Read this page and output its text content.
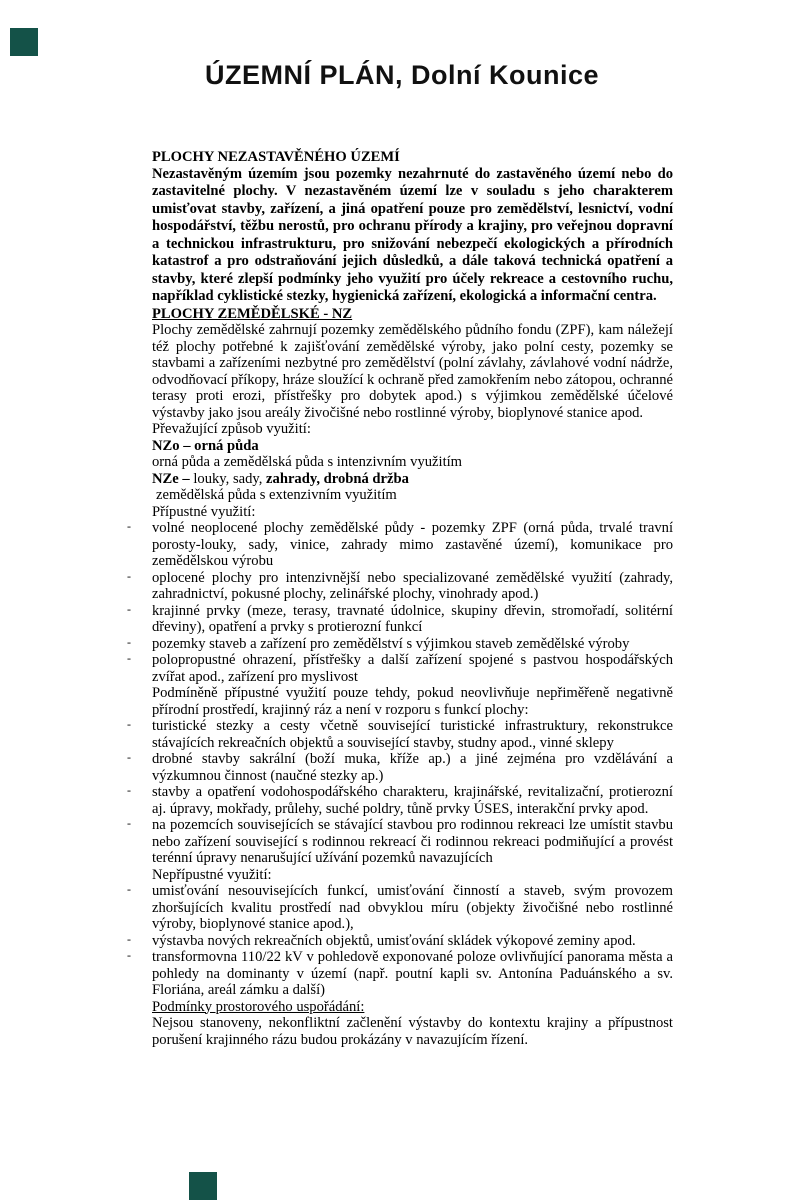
ÚZEMNÍ PLÁN, Dolní Kounice

PLOCHY NEZASTAVĚNÉHO ÚZEMÍ

Nezastavěným územím jsou pozemky nezahrnuté do zastavěného území nebo do zastavitelné plochy. V nezastavěném území lze v souladu s jeho charakterem umisťovat stavby, zařízení, a jiná opatření pouze pro zemědělství, lesnictví, vodní hospodářství, těžbu nerostů, pro ochranu přírody a krajiny, pro veřejnou dopravní a technickou infrastrukturu, pro snižování nebezpečí ekologických a přírodních katastrof a pro odstraňování jejich důsledků, a dále taková technická opatření a stavby, které zlepší podmínky jeho využití pro účely rekreace a cestovního ruchu, například cyklistické stezky, hygienická zařízení, ekologická a informační centra.

PLOCHY ZEMĚDĚLSKÉ - NZ

Plochy zemědělské zahrnují pozemky zemědělského půdního fondu (ZPF), kam náležejí též plochy potřebné k zajišťování zemědělské výroby, jako polní cesty, pozemky se stavbami a zařízeními nezbytné pro zemědělství (polní závlahy, závlahové vodní nádrže, odvodňovací příkopy, hráze sloužící k ochraně před zamokřením nebo zátopou, ochranné terasy proti erozi, přístřešky pro dobytek apod.) s výjimkou zemědělské účelové výstavby jako jsou areály živočišné nebo rostlinné výroby, bioplynové stanice apod.

Převažující způsob využití:

NZo – orná půda

orná půda a zemědělská půda s intenzivním využitím

NZe – louky, sady, zahrady, drobná držba

zemědělská půda s extenzivním využitím

Přípustné využití:

- volné neoplocené plochy zemědělské půdy - pozemky ZPF (orná půda, trvalé travní porosty-louky, sady, vinice, zahrady mimo zastavěné území), komunikace pro zemědělskou výrobu

- oplocené plochy pro intenzivnější nebo specializované zemědělské využití (zahrady, zahradnictví, pokusné plochy, zelinářské plochy, vinohrady apod.)

- krajinné prvky (meze, terasy, travnaté údolnice, skupiny dřevin, stromořadí, solitérní dřeviny), opatření a prvky s protierozní funkcí

- pozemky staveb a zařízení pro zemědělství s výjimkou staveb zemědělské výroby

- polopropustné ohrazení, přístřešky a další zařízení spojené s pastvou hospodářských zvířat apod., zařízení pro myslivost

Podmíněně přípustné využití pouze tehdy, pokud neovlivňuje nepřiměřeně negativně přírodní prostředí, krajinný ráz a není v rozporu s funkcí plochy:

- turistické stezky a cesty včetně související turistické infrastruktury, rekonstrukce stávajících rekreačních objektů a související stavby, studny apod., vinné sklepy

- drobné stavby sakrální (boží muka, kříže ap.) a jiné zejména pro vzdělávání a výzkumnou činnost (naučné stezky ap.)

- stavby a opatření vodohospodářského charakteru, krajinářské, revitalizační, protierozní aj. úpravy, mokřady, průlehy, suché poldry, tůně prvky ÚSES, interakční prvky apod.

- na pozemcích souvisejících se stávající stavbou pro rodinnou rekreaci lze umístit stavbu nebo zařízení související s rodinnou rekreací či rodinnou rekreaci podmiňující a provést terénní úpravy nenarušující užívání pozemků navazujících

Nepřípustné využití:

- umisťování nesouvisejících funkcí, umisťování činností a staveb, svým provozem zhoršujících kvalitu prostředí nad obvyklou míru (objekty živočišné nebo rostlinné výroby, bioplynové stanice apod.),

- výstavba nových rekreačních objektů, umisťování skládek výkopové zeminy apod.

- transformovna 110/22 kV v pohledově exponované poloze ovlivňující panorama města a pohledy na dominanty v území (např. poutní kapli sv. Antonína Paduánského a sv. Floriána, areál zámku a další)

Podmínky prostorového uspořádání:

Nejsou stanoveny, nekonfliktní začlenění výstavby do kontextu krajiny a přípustnost porušení krajinného rázu budou prokázány v navazujícím řízení.
